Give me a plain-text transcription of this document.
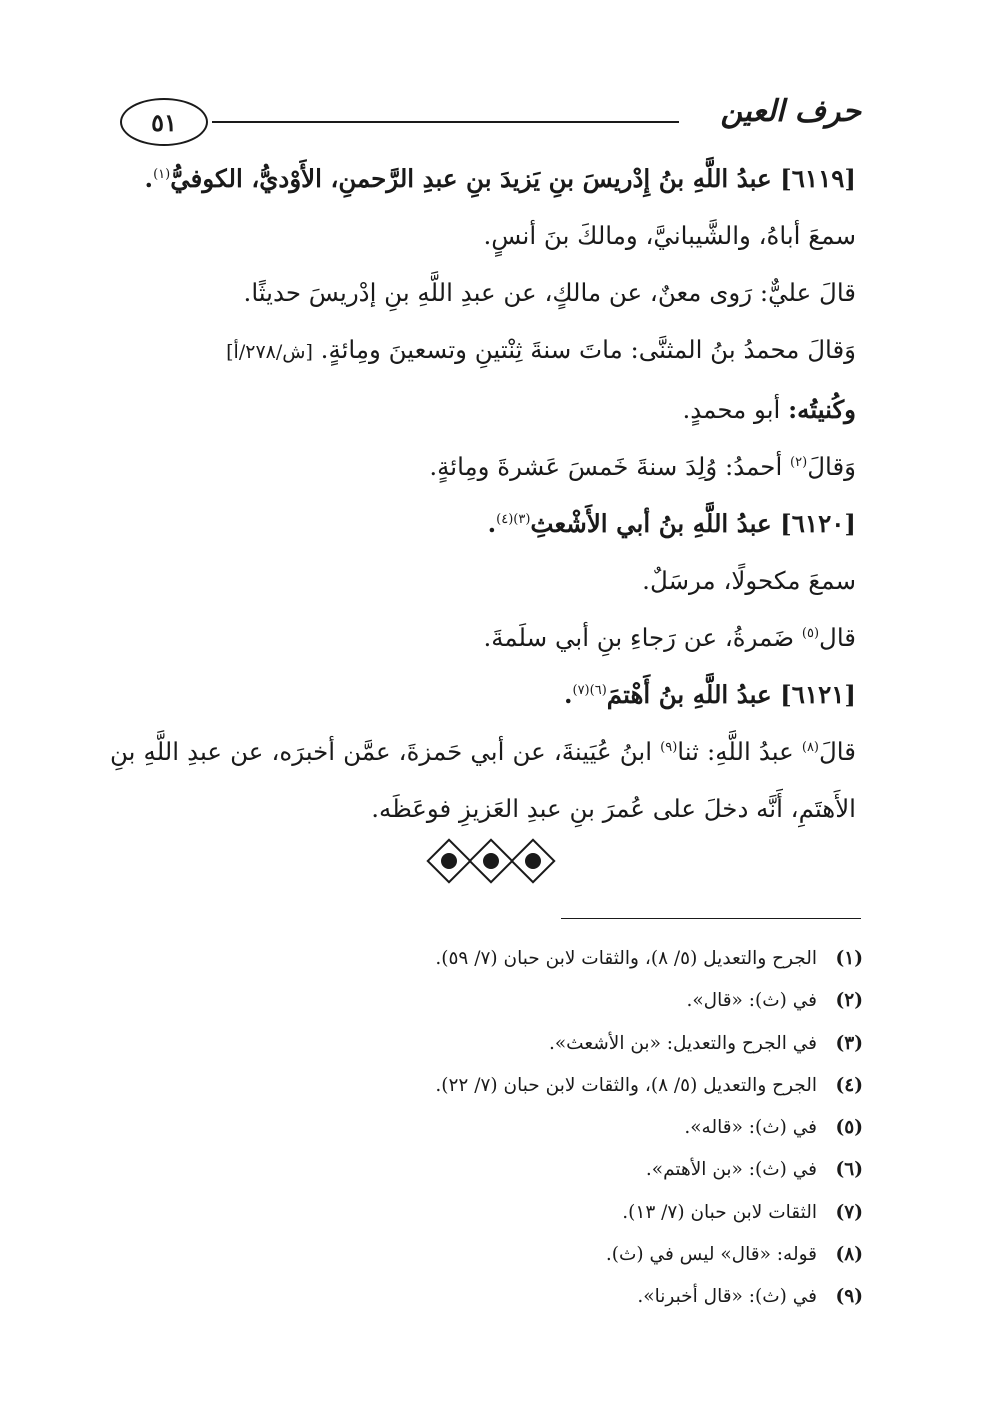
حرف العين
٥١
[٦١١٩] عبدُ اللَّهِ بنُ إِدْريسَ بنِ يَزيدَ بنِ عبدِ الرَّحمنِ، الأَوْديُّ، الكوفيُّ$^{(١)}$.
سمعَ أباهُ، والشَّيبانيَّ، ومالكَ بنَ أنسٍ.
قالَ عليٌّ: رَوى معنٌ، عن مالكٍ، عن عبدِ اللَّهِ بنِ إدْريسَ حديثًا.
وَقالَ محمدُ بنُ المثنَّى: ماتَ سنةَ ثِنْتينِ وتسعينَ ومِائةٍ. [ش/٢٧٨/أ]
وكُنيتُه: أبو محمدٍ.
وَقالَ$^{(٢)}$ أحمدُ: وُلِدَ سنةَ خَمسَ عَشرةَ ومِائةٍ.
[٦١٢٠] عبدُ اللَّهِ بنُ أبي الأَشْعثِ$^{(٣)(٤)}$.
سمعَ مكحولًا، مرسَلٌ.
قال$^{(٥)}$ ضَمرةُ، عن رَجاءِ بنِ أبي سلَمةَ.
[٦١٢١] عبدُ اللَّهِ بنُ أَهْتمَ$^{(٦)(٧)}$.
قالَ$^{(٨)}$ عبدُ اللَّهِ: ثنا$^{(٩)}$ ابنُ عُيَينةَ، عن أبي حَمزةَ، عمَّن أخبرَه، عن عبدِ اللَّهِ بنِ الأَهتَمِ، أَنَّه دخلَ على عُمرَ بنِ عبدِ العَزيزِ فوعَظَه.
(١)الجرح والتعديل (٥/ ٨)، والثقات لابن حبان (٧/ ٥٩).
(٢)في (ث): «قال».
(٣)في الجرح والتعديل: «بن الأشعث».
(٤)الجرح والتعديل (٥/ ٨)، والثقات لابن حبان (٧/ ٢٢).
(٥)في (ث): «قاله».
(٦)في (ث): «بن الأهتم».
(٧)الثقات لابن حبان (٧/ ١٣).
(٨)قوله: «قال» ليس في (ث).
(٩)في (ث): «قال أخبرنا».
